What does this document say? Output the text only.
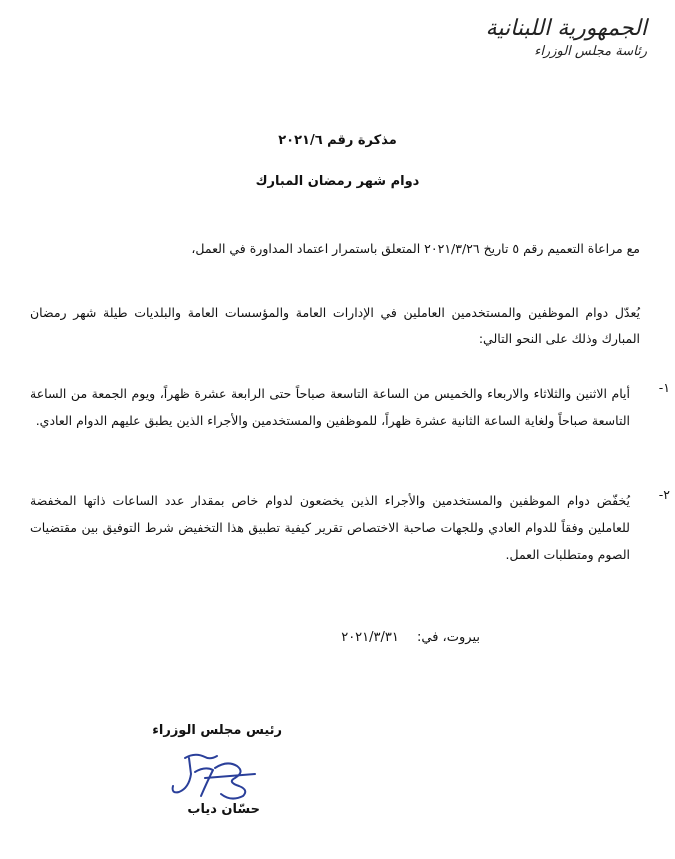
الجمهورية اللبنانية
رئاسة مجلس الوزراء
مذكرة رقم ٢٠٢١/٦
دوام شهر رمضان المبارك
مع مراعاة التعميم رقم ٥ تاريخ ٢٠٢١/٣/٢٦ المتعلق باستمرار اعتماد المداورة في العمل،
يُعدّل دوام الموظفين والمستخدمين العاملين في الإدارات العامة والمؤسسات العامة والبلديات طيلة شهر رمضان المبارك وذلك على النحو التالي:
١-
أيام الاثنين والثلاثاء والاربعاء والخميس من الساعة التاسعة صباحاً حتى الرابعة عشرة ظهراً، ويوم الجمعة من الساعة التاسعة صباحاً ولغاية الساعة الثانية عشرة ظهراً، للموظفين والمستخدمين والأجراء الذين يطبق عليهم الدوام العادي.
٢-
يُخفّض دوام الموظفين والمستخدمين والأجراء الذين يخضعون لدوام خاص بمقدار عدد الساعات ذاتها المخفضة للعاملين وفقاً للدوام العادي وللجهات صاحبة الاختصاص تقرير كيفية تطبيق هذا التخفيض شرط التوفيق بين مقتضيات الصوم ومتطلبات العمل.
بيروت، في: ٢٠٢١/٣/٣١
رئيس مجلس الوزراء
حسّان دياب
